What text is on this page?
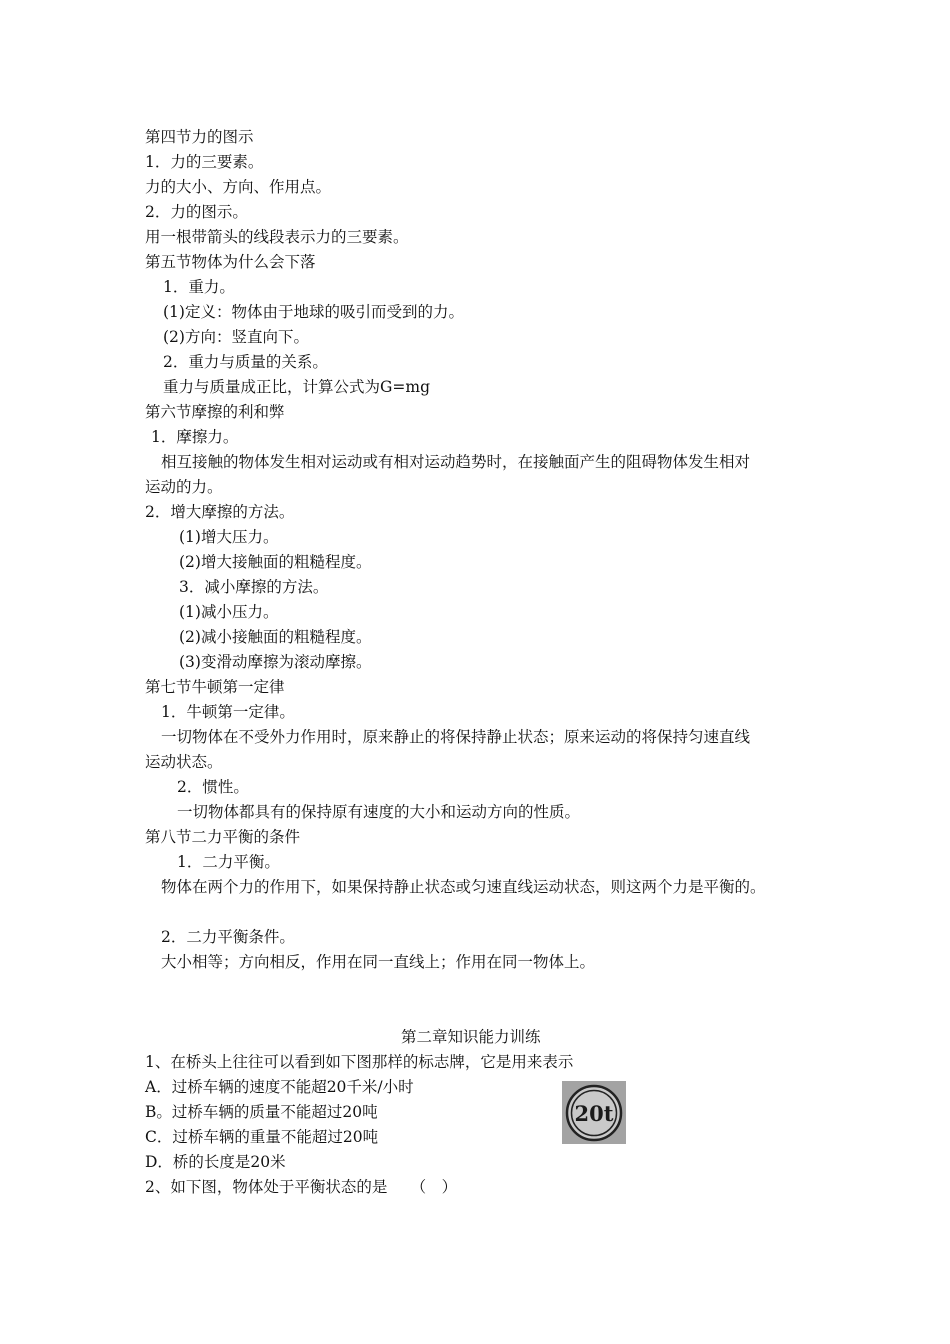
第四节力的图示
1．力的三要素。
力的大小、方向、作用点。
2．力的图示。
用一根带箭头的线段表示力的三要素。
第五节物体为什么会下落
1．重力。
(1)定义：物体由于地球的吸引而受到的力。
(2)方向：竖直向下。
2．重力与质量的关系。
重力与质量成正比，计算公式为G=mg
第六节摩擦的利和弊
1．摩擦力。
相互接触的物体发生相对运动或有相对运动趋势时，在接触面产生的阻碍物体发生相对
运动的力。
2．增大摩擦的方法。
(1)增大压力。
(2)增大接触面的粗糙程度。
3．减小摩擦的方法。
(1)减小压力。
(2)减小接触面的粗糙程度。
(3)变滑动摩擦为滚动摩擦。
第七节牛顿第一定律
1．牛顿第一定律。
一切物体在不受外力作用时，原来静止的将保持静止状态；原来运动的将保持匀速直线
运动状态。
2．惯性。
一切物体都具有的保持原有速度的大小和运动方向的性质。
第八节二力平衡的条件
1．二力平衡。
物体在两个力的作用下，如果保持静止状态或匀速直线运动状态，则这两个力是平衡的。
2．二力平衡条件。
大小相等；方向相反，作用在同一直线上；作用在同一物体上。
第二章知识能力训练
1、在桥头上往往可以看到如下图那样的标志牌，它是用来表示
A．过桥车辆的速度不能超20千米/小时
B。过桥车辆的质量不能超过20吨
C．过桥车辆的重量不能超过20吨
D．桥的长度是20米
2、如下图，物体处于平衡状态的是　　（　）
20t
